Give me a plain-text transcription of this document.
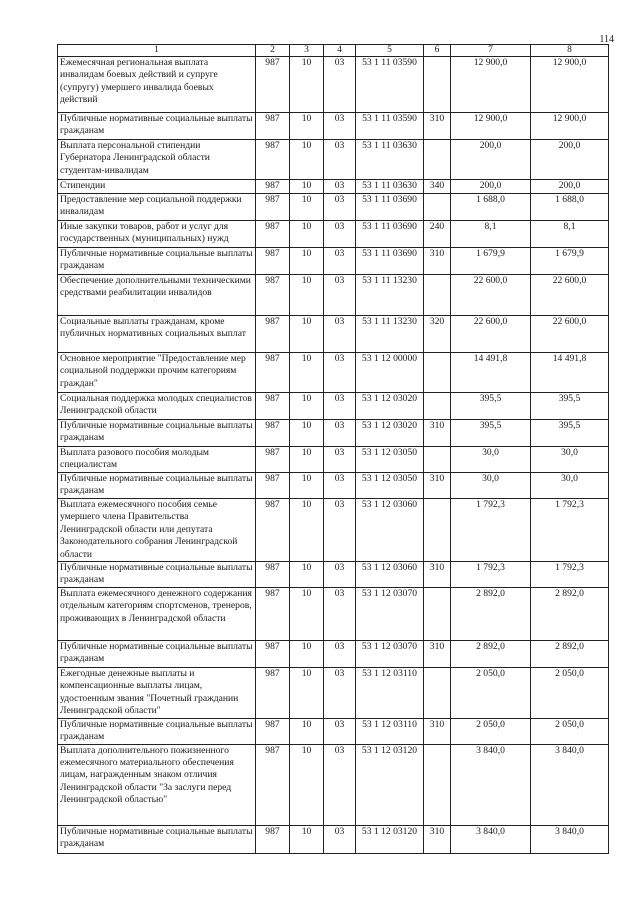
114
1	2	3	4	5	6	7	8
Ежемесячная региональная выплата инвалидам боевых действий и супруге (супругу) умершего инвалида боевых действий	987	10	03	53 1 11 03590		12 900,0	12 900,0
Публичные нормативные социальные выплаты гражданам	987	10	03	53 1 11 03590	310	12 900,0	12 900,0
Выплата персональной стипендии Губернатора Ленинградской области студентам-инвалидам	987	10	03	53 1 11 03630		200,0	200,0
Стипендии	987	10	03	53 1 11 03630	340	200,0	200,0
Предоставление мер социальной поддержки инвалидам	987	10	03	53 1 11 03690		1 688,0	1 688,0
Иные закупки товаров, работ и услуг для государственных (муниципальных) нужд	987	10	03	53 1 11 03690	240	8,1	8,1
Публичные нормативные социальные выплаты гражданам	987	10	03	53 1 11 03690	310	1 679,9	1 679,9
Обеспечение дополнительными техническими средствами реабилитации инвалидов	987	10	03	53 1 11 13230		22 600,0	22 600,0
Социальные выплаты гражданам, кроме публичных нормативных социальных выплат	987	10	03	53 1 11 13230	320	22 600,0	22 600,0
Основное мероприятие "Предоставление мер социальной поддержки прочим категориям граждан"	987	10	03	53 1 12 00000		14 491,8	14 491,8
Социальная поддержка молодых специалистов Ленинградской области	987	10	03	53 1 12 03020		395,5	395,5
Публичные нормативные социальные выплаты гражданам	987	10	03	53 1 12 03020	310	395,5	395,5
Выплата разового пособия молодым специалистам	987	10	03	53 1 12 03050		30,0	30,0
Публичные нормативные социальные выплаты гражданам	987	10	03	53 1 12 03050	310	30,0	30,0
Выплата ежемесячного пособия семье умершего члена Правительства Ленинградской области или депутата Законодательного собрания Ленинградской области	987	10	03	53 1 12 03060		1 792,3	1 792,3
Публичные нормативные социальные выплаты гражданам	987	10	03	53 1 12 03060	310	1 792,3	1 792,3
Выплата ежемесячного денежного содержания отдельным категориям спортсменов, тренеров, проживающих в Ленинградской области	987	10	03	53 1 12 03070		2 892,0	2 892,0
Публичные нормативные социальные выплаты гражданам	987	10	03	53 1 12 03070	310	2 892,0	2 892,0
Ежегодные денежные выплаты и компенсационные выплаты лицам, удостоенным звания "Почетный гражданин Ленинградской области"	987	10	03	53 1 12 03110		2 050,0	2 050,0
Публичные нормативные социальные выплаты гражданам	987	10	03	53 1 12 03110	310	2 050,0	2 050,0
Выплата дополнительного пожизненного ежемесячного материального обеспечения лицам, награжденным знаком отличия Ленинградской области "За заслуги перед Ленинградской областью"	987	10	03	53 1 12 03120		3 840,0	3 840,0
Публичные нормативные социальные выплаты гражданам	987	10	03	53 1 12 03120	310	3 840,0	3 840,0
